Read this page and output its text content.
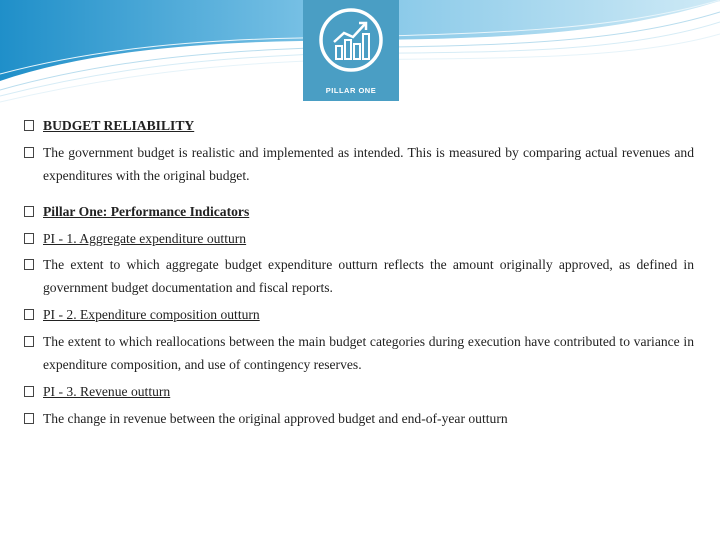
PILLAR ONE
BUDGET RELIABILITY
The government budget is realistic and implemented as intended. This is measured by comparing actual revenues and expenditures with the original budget.
Pillar One: Performance Indicators
PI - 1. Aggregate expenditure outturn
The extent to which aggregate budget expenditure outturn reflects the amount originally approved, as defined in government budget documentation and fiscal reports.
PI - 2. Expenditure composition outturn
The extent to which reallocations between the main budget categories during execution have contributed to variance in expenditure composition, and use of contingency reserves.
PI - 3. Revenue outturn
The change in revenue between the original approved budget and end-of-year outturn
